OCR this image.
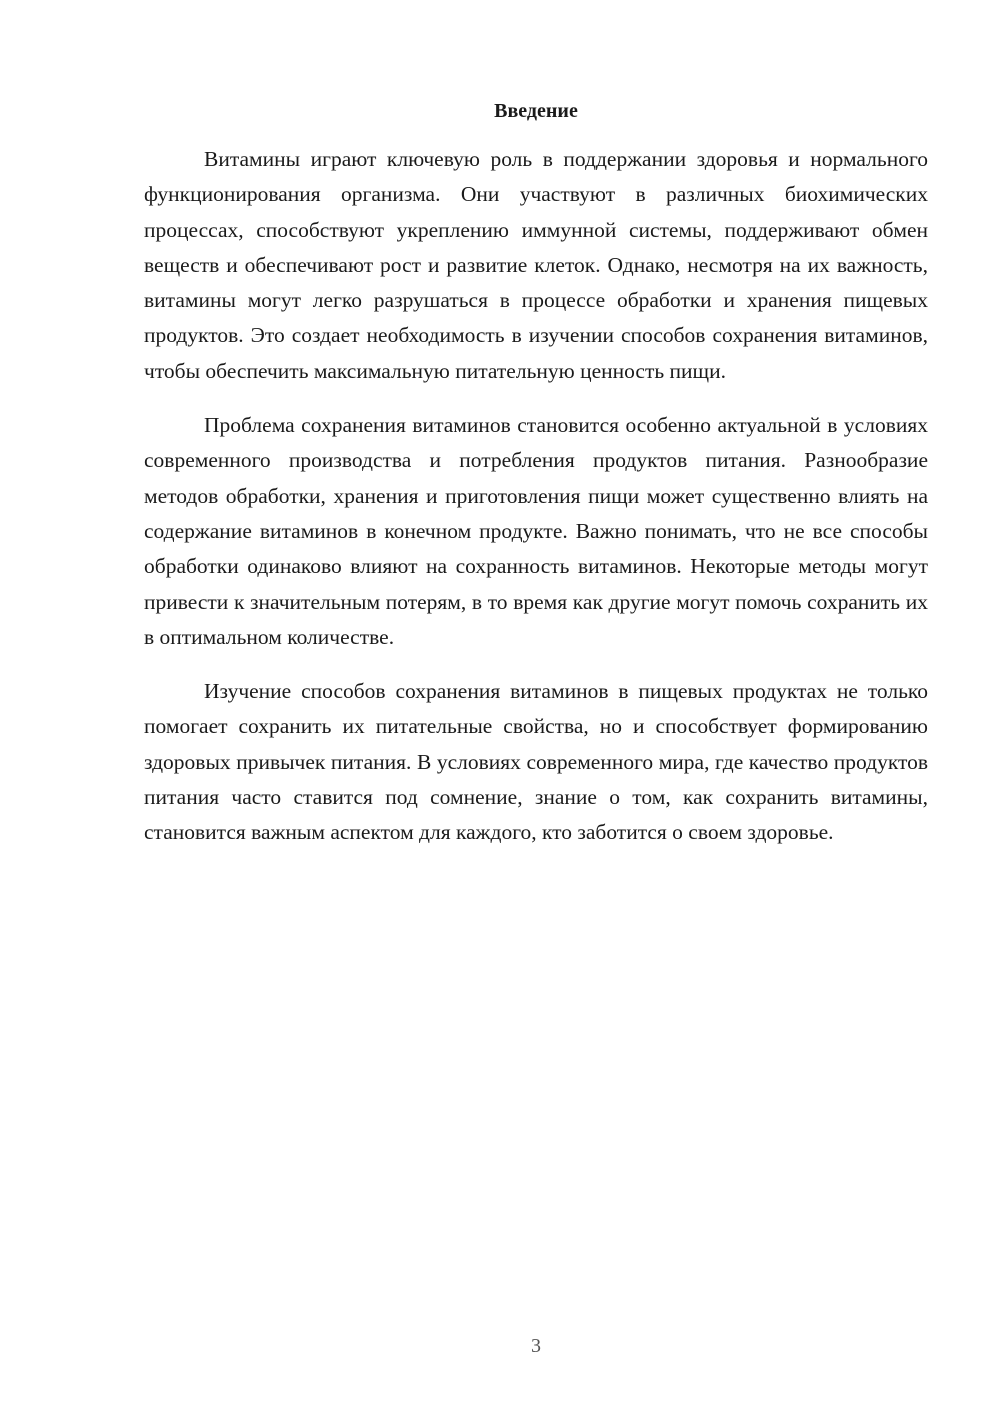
Введение

Витамины играют ключевую роль в поддержании здоровья и нормального функционирования организма. Они участвуют в различных биохимических процессах, способствуют укреплению иммунной системы, поддерживают обмен веществ и обеспечивают рост и развитие клеток. Однако, несмотря на их важность, витамины могут легко разрушаться в процессе обработки и хранения пищевых продуктов. Это создает необходимость в изучении способов сохранения витаминов, чтобы обеспечить максимальную питательную ценность пищи.

Проблема сохранения витаминов становится особенно актуальной в условиях современного производства и потребления продуктов питания. Разнообразие методов обработки, хранения и приготовления пищи может существенно влиять на содержание витаминов в конечном продукте. Важно понимать, что не все способы обработки одинаково влияют на сохранность витаминов. Некоторые методы могут привести к значительным потерям, в то время как другие могут помочь сохранить их в оптимальном количестве.

Изучение способов сохранения витаминов в пищевых продуктах не только помогает сохранить их питательные свойства, но и способствует формированию здоровых привычек питания. В условиях современного мира, где качество продуктов питания часто ставится под сомнение, знание о том, как сохранить витамины, становится важным аспектом для каждого, кто заботится о своем здоровье.

3
